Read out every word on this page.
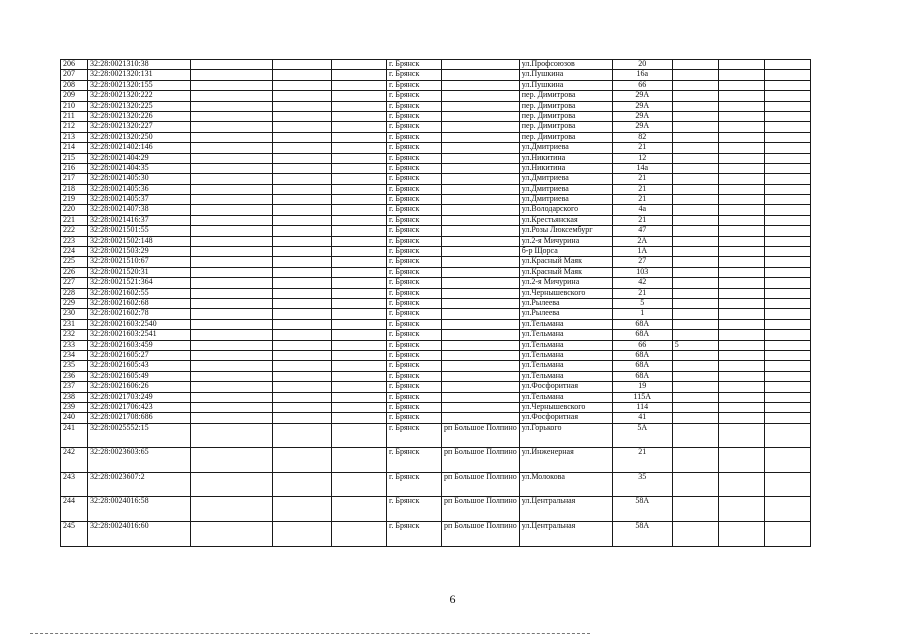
206	32:28:0021310:38				г. Брянск		ул.Профсоюзов	20			
207	32:28:0021320:131				г. Брянск		ул.Пушкина	16а			
208	32:28:0021320:155				г. Брянск		ул.Пушкина	66			
209	32:28:0021320:222				г. Брянск		пер. Димитрова	29А			
210	32:28:0021320:225				г. Брянск		пер. Димитрова	29А			
211	32:28:0021320:226				г. Брянск		пер. Димитрова	29А			
212	32:28:0021320:227				г. Брянск		пер. Димитрова	29А			
213	32:28:0021320:250				г. Брянск		пер. Димитрова	82			
214	32:28:0021402:146				г. Брянск		ул.Дмитриева	21			
215	32:28:0021404:29				г. Брянск		ул.Никитина	12			
216	32:28:0021404:35				г. Брянск		ул.Никитина	14а			
217	32:28:0021405:30				г. Брянск		ул.Дмитриева	21			
218	32:28:0021405:36				г. Брянск		ул.Дмитриева	21			
219	32:28:0021405:37				г. Брянск		ул.Дмитриева	21			
220	32:28:0021407:38				г. Брянск		ул.Володарского	4а			
221	32:28:0021416:37				г. Брянск		ул.Крестьянская	21			
222	32:28:0021501:55				г. Брянск		ул.Розы Люксембург	47			
223	32:28:0021502:148				г. Брянск		ул.2-я Мичурина	2А			
224	32:28:0021503:29				г. Брянск		б-р Щорса	1А			
225	32:28:0021510:67				г. Брянск		ул.Красный Маяк	27			
226	32:28:0021520:31				г. Брянск		ул.Красный Маяк	103			
227	32:28:0021521:364				г. Брянск		ул.2-я Мичурина	42			
228	32:28:0021602:55				г. Брянск		ул.Чернышевского	21			
229	32:28:0021602:68				г. Брянск		ул.Рылеева	5			
230	32:28:0021602:78				г. Брянск		ул.Рылеева	1			
231	32:28:0021603:2540				г. Брянск		ул.Тельмана	68А			
232	32:28:0021603:2541				г. Брянск		ул.Тельмана	68А			
233	32:28:0021603:459				г. Брянск		ул.Тельмана	66	5		
234	32:28:0021605:27				г. Брянск		ул.Тельмана	68А			
235	32:28:0021605:43				г. Брянск		ул.Тельмана	68А			
236	32:28:0021605:49				г. Брянск		ул.Тельмана	68А			
237	32:28:0021606:26				г. Брянск		ул.Фосфоритная	19			
238	32:28:0021703:249				г. Брянск		ул.Тельмана	115А			
239	32:28:0021706:423				г. Брянск		ул.Чернышевского	114			
240	32:28:0021708:686				г. Брянск		ул.Фосфоритная	41			
241	32:28:0025552:15				г. Брянск	рп Большое Полпино	ул.Горького	5А			
242	32:28:0023603:65				г. Брянск	рп Большое Полпино	ул.Инженерная	21			
243	32:28:0023607:2				г. Брянск	рп Большое Полпино	ул.Молокова	35			
244	32:28:0024016:58				г. Брянск	рп Большое Полпино	ул.Центральная	58А			
245	32:28:0024016:60				г. Брянск	рп Большое Полпино	ул.Центральная	58А			
6
